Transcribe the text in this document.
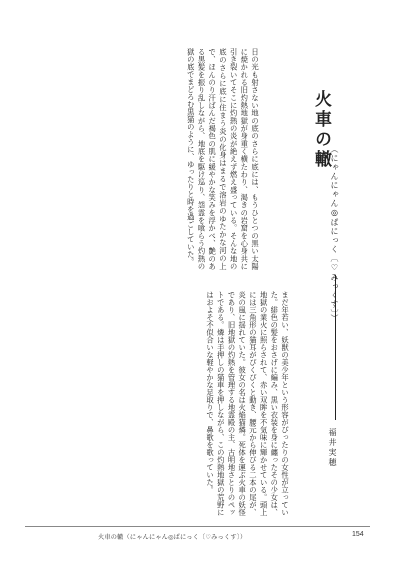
日の光も射さない地の底のさらに底には、もうひとつの黒い太陽に焼かれる旧灼熱地獄が身重く横たわり、渇きの岩窟を心身共に引き裂いてそこに灼熱の炎が絶えず燃え盛っている。そんな地の底のさらに底に住まう炎の化身はまるで溶岩のゆたかな河の上で、ほんのり汗ばんだ褐色の肌に緩やかな笑みを浮かべ、艶のある黒髪を振り乱しながら、地底を駆け巡り、怨霊を喰らう灼熱の獄の底でまどろむ黒猫のように、ゆったりと時を過ごしていた。

まだ年若い、妖獣の美少年という形容がぴったりの女性が立っていた。緋色の髪をおさげに編み、黒い衣装を身に纏ったその少女は、地獄の業火に照らされて、赤い双眸を不気味に輝かせている。頭上には三角形の猫耳がぴくぴくと動き、腰元から伸びる二本の尾が、炎の風に揺れていた。彼女の名は火焔猫燐。死体を運ぶ火車の妖怪であり、旧地獄の灼熱を管理する地霊殿の主、古明地さとりのペットである。燐は手押しの猫車を押しながら、この灼熱地獄の荒野にはおよそ不似合いな軽やかな足取りで、鼻歌を歌っていた。

火車の轍

（にゃんにゃん◎ぱにっく〔♡みっくす〕）

福井実穂

火車の轍（にゃんにゃん◎ぱにっく〔♡みっくす〕）	154
